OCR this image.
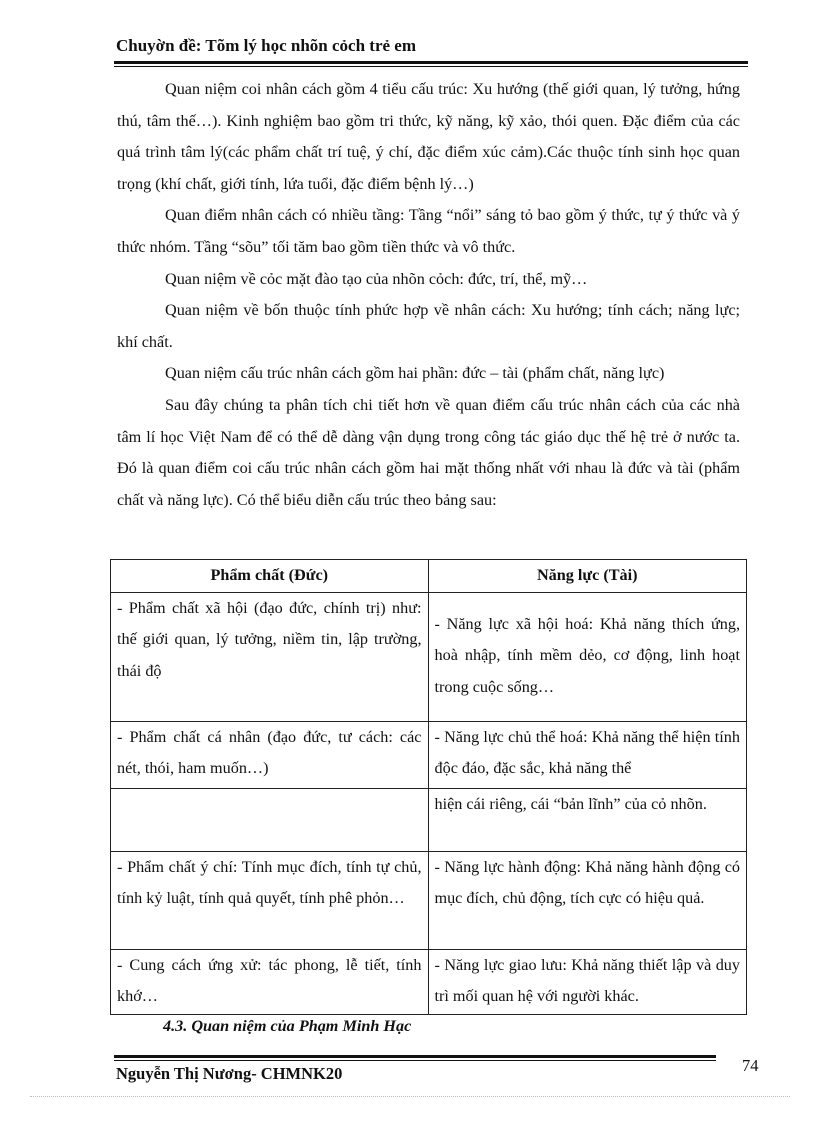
Chuyờn đề: Tõm lý học nhõn cỏch trẻ em

Quan niệm coi nhân cách gồm 4 tiểu cấu trúc: Xu hướng (thế giới quan, lý tưởng, hứng thú, tâm thế…). Kinh nghiệm bao gồm tri thức, kỹ năng, kỹ xảo, thói quen. Đặc điểm của các quá trình tâm lý(các phẩm chất trí tuệ, ý chí, đặc điểm xúc cảm).Các thuộc tính sinh học quan trọng (khí chất, giới tính, lứa tuổi, đặc điểm bệnh lý…)

Quan điểm nhân cách có nhiều tầng: Tầng “nổi” sáng tỏ bao gồm ý thức, tự ý thức và ý thức nhóm. Tầng “sõu” tối tăm bao gồm tiền thức và vô thức.

Quan niệm về cỏc mặt đào tạo của nhõn cỏch: đức, trí, thể, mỹ…

Quan niệm về bốn thuộc tính phức hợp về nhân cách: Xu hướng; tính cách; năng lực; khí chất.

Quan niệm cấu trúc nhân cách gồm hai phần: đức – tài (phẩm chất, năng lực)

Sau đây chúng ta phân tích chi tiết hơn về quan điểm cấu trúc nhân cách của các nhà tâm lí học Việt Nam để có thể dễ dàng vận dụng trong công tác giáo dục thế hệ trẻ ở nước ta. Đó là quan điểm coi cấu trúc nhân cách gồm hai mặt thống nhất với nhau là đức và tài (phẩm chất và năng lực). Có thể biểu diễn cấu trúc theo bảng sau:

Phẩm chất (Đức)	Năng lực (Tài)
- Phẩm chất xã hội (đạo đức, chính trị) như: thế giới quan, lý tưởng, niềm tin, lập trường, thái độ	- Năng lực xã hội hoá: Khả năng thích ứng, hoà nhập, tính mềm dẻo, cơ động, linh hoạt trong cuộc sống…
- Phẩm chất cá nhân (đạo đức, tư cách: các nét, thói, ham muốn…)	- Năng lực chủ thể hoá: Khả năng thể hiện tính độc đáo, đặc sắc, khả năng thể
	hiện cái riêng, cái “bản lĩnh” của cỏ nhõn.
- Phẩm chất ý chí: Tính mục đích, tính tự chủ, tính kỷ luật, tính quả quyết, tính phê phỏn…	- Năng lực hành động: Khả năng hành động có mục đích, chủ động, tích cực có hiệu quả.
- Cung cách ứng xử: tác phong, lễ tiết, tính khớ…	- Năng lực giao lưu: Khả năng thiết lập và duy trì mối quan hệ với người khác.
4.3. Quan niệm của Phạm Minh Hạc
Nguyễn Thị Nương- CHMNK20	74
